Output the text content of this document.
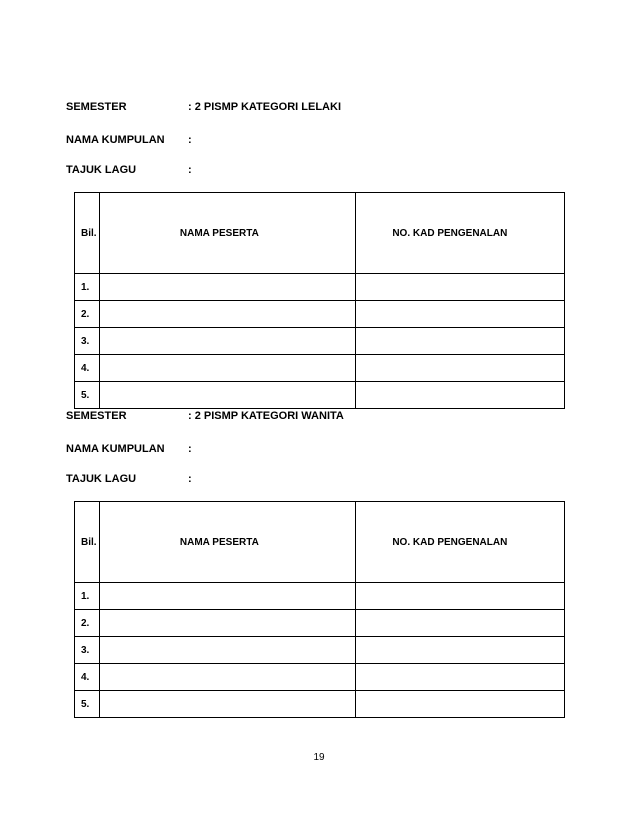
SEMESTER	: 2 PISMP KATEGORI LELAKI
NAMA KUMPULAN :
TAJUK LAGU	:
Bil.	NAMA PESERTA	NO. KAD PENGENALAN
1.		
2.		
3.		
4.		
5.		
SEMESTER	: 2 PISMP KATEGORI WANITA
NAMA KUMPULAN :
TAJUK LAGU	:
Bil.	NAMA PESERTA	NO. KAD PENGENALAN
1.		
2.		
3.		
4.		
5.		
19
